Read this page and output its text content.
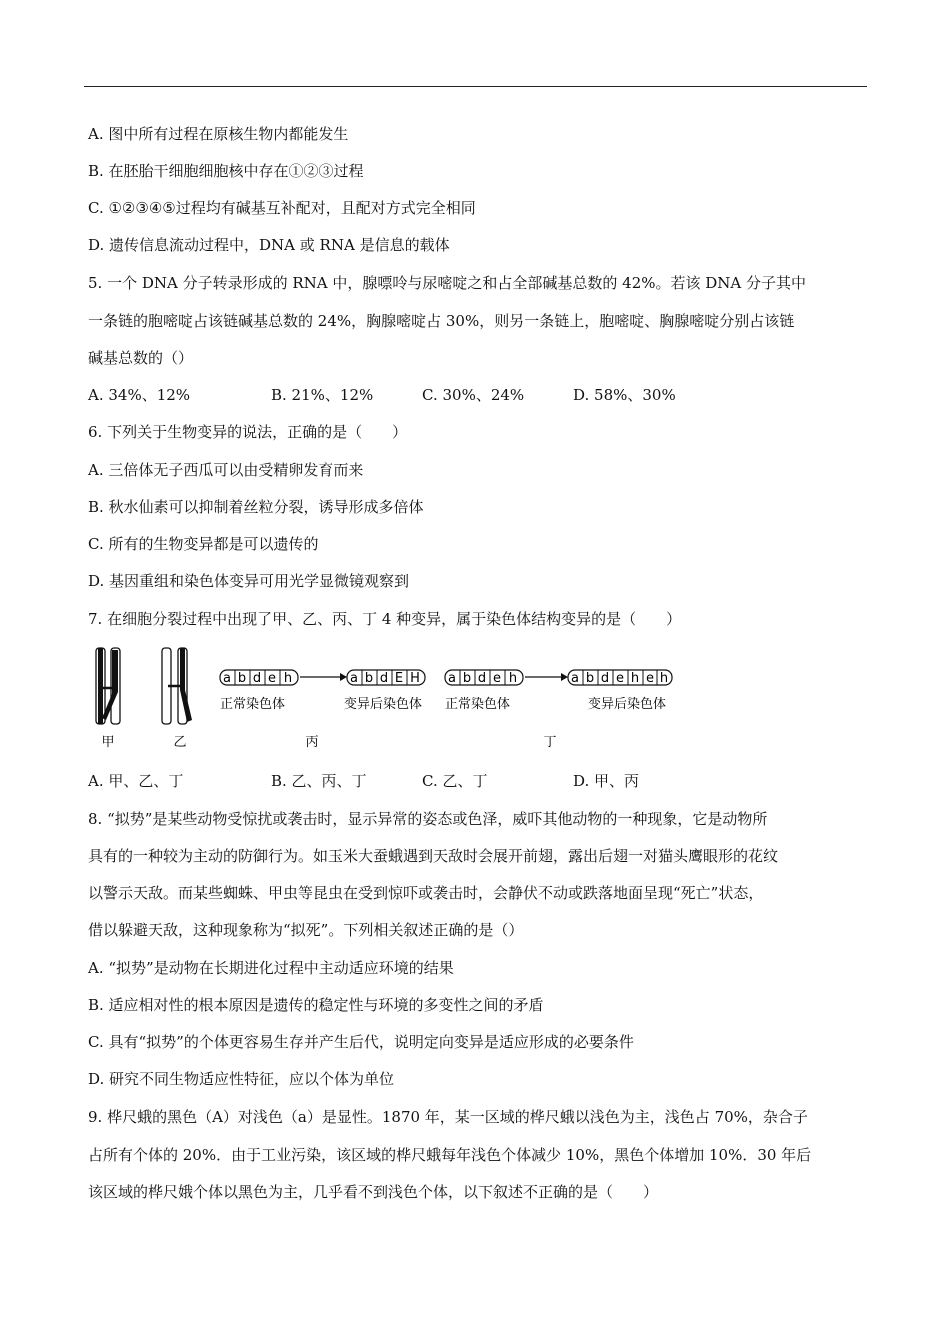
A. 图中所有过程在原核生物内都能发生
B. 在胚胎干细胞细胞核中存在①②③过程
C. ①②③④⑤过程均有碱基互补配对，且配对方式完全相同
D. 遗传信息流动过程中，DNA 或 RNA 是信息的载体
5. 一个 DNA 分子转录形成的 RNA 中，腺嘌呤与尿嘧啶之和占全部碱基总数的 42%。若该 DNA 分子其中
一条链的胞嘧啶占该链碱基总数的 24%，胸腺嘧啶占 30%，则另一条链上，胞嘧啶、胸腺嘧啶分别占该链
碱基总数的（）
A. 34%、12%	B. 21%、12%	C. 30%、24%	D. 58%、30%
6. 下列关于生物变异的说法，正确的是（　　）
A. 三倍体无子西瓜可以由受精卵发育而来
B. 秋水仙素可以抑制着丝粒分裂，诱导形成多倍体
C. 所有的生物变异都是可以遗传的
D. 基因重组和染色体变异可用光学显微镜观察到
7. 在细胞分裂过程中出现了甲、乙、丙、丁 4 种变异，属于染色体结构变异的是（　　）
甲	乙
a b d e h	a b d E H
正常染色体	变异后染色体
丙
a b d e h	a b d e h e h
正常染色体	变异后染色体
丁
A. 甲、乙、丁	B. 乙、丙、丁	C. 乙、丁	D. 甲、丙
8. “拟势”是某些动物受惊扰或袭击时，显示异常的姿态或色泽，威吓其他动物的一种现象，它是动物所
具有的一种较为主动的防御行为。如玉米大蚕蛾遇到天敌时会展开前翅，露出后翅一对猫头鹰眼形的花纹
以警示天敌。而某些蜘蛛、甲虫等昆虫在受到惊吓或袭击时，会静伏不动或跌落地面呈现“死亡”状态，
借以躲避天敌，这种现象称为“拟死”。下列相关叙述正确的是（）
A. “拟势”是动物在长期进化过程中主动适应环境的结果
B. 适应相对性的根本原因是遗传的稳定性与环境的多变性之间的矛盾
C. 具有“拟势”的个体更容易生存并产生后代，说明定向变异是适应形成的必要条件
D. 研究不同生物适应性特征，应以个体为单位
9. 桦尺蛾的黑色（A）对浅色（a）是显性。1870 年，某一区域的桦尺蛾以浅色为主，浅色占 70%，杂合子
占所有个体的 20%．由于工业污染，该区域的桦尺蛾每年浅色个体减少 10%，黑色个体增加 10%．30 年后
该区域的桦尺娥个体以黑色为主，几乎看不到浅色个体，以下叙述不正确的是（　　）
